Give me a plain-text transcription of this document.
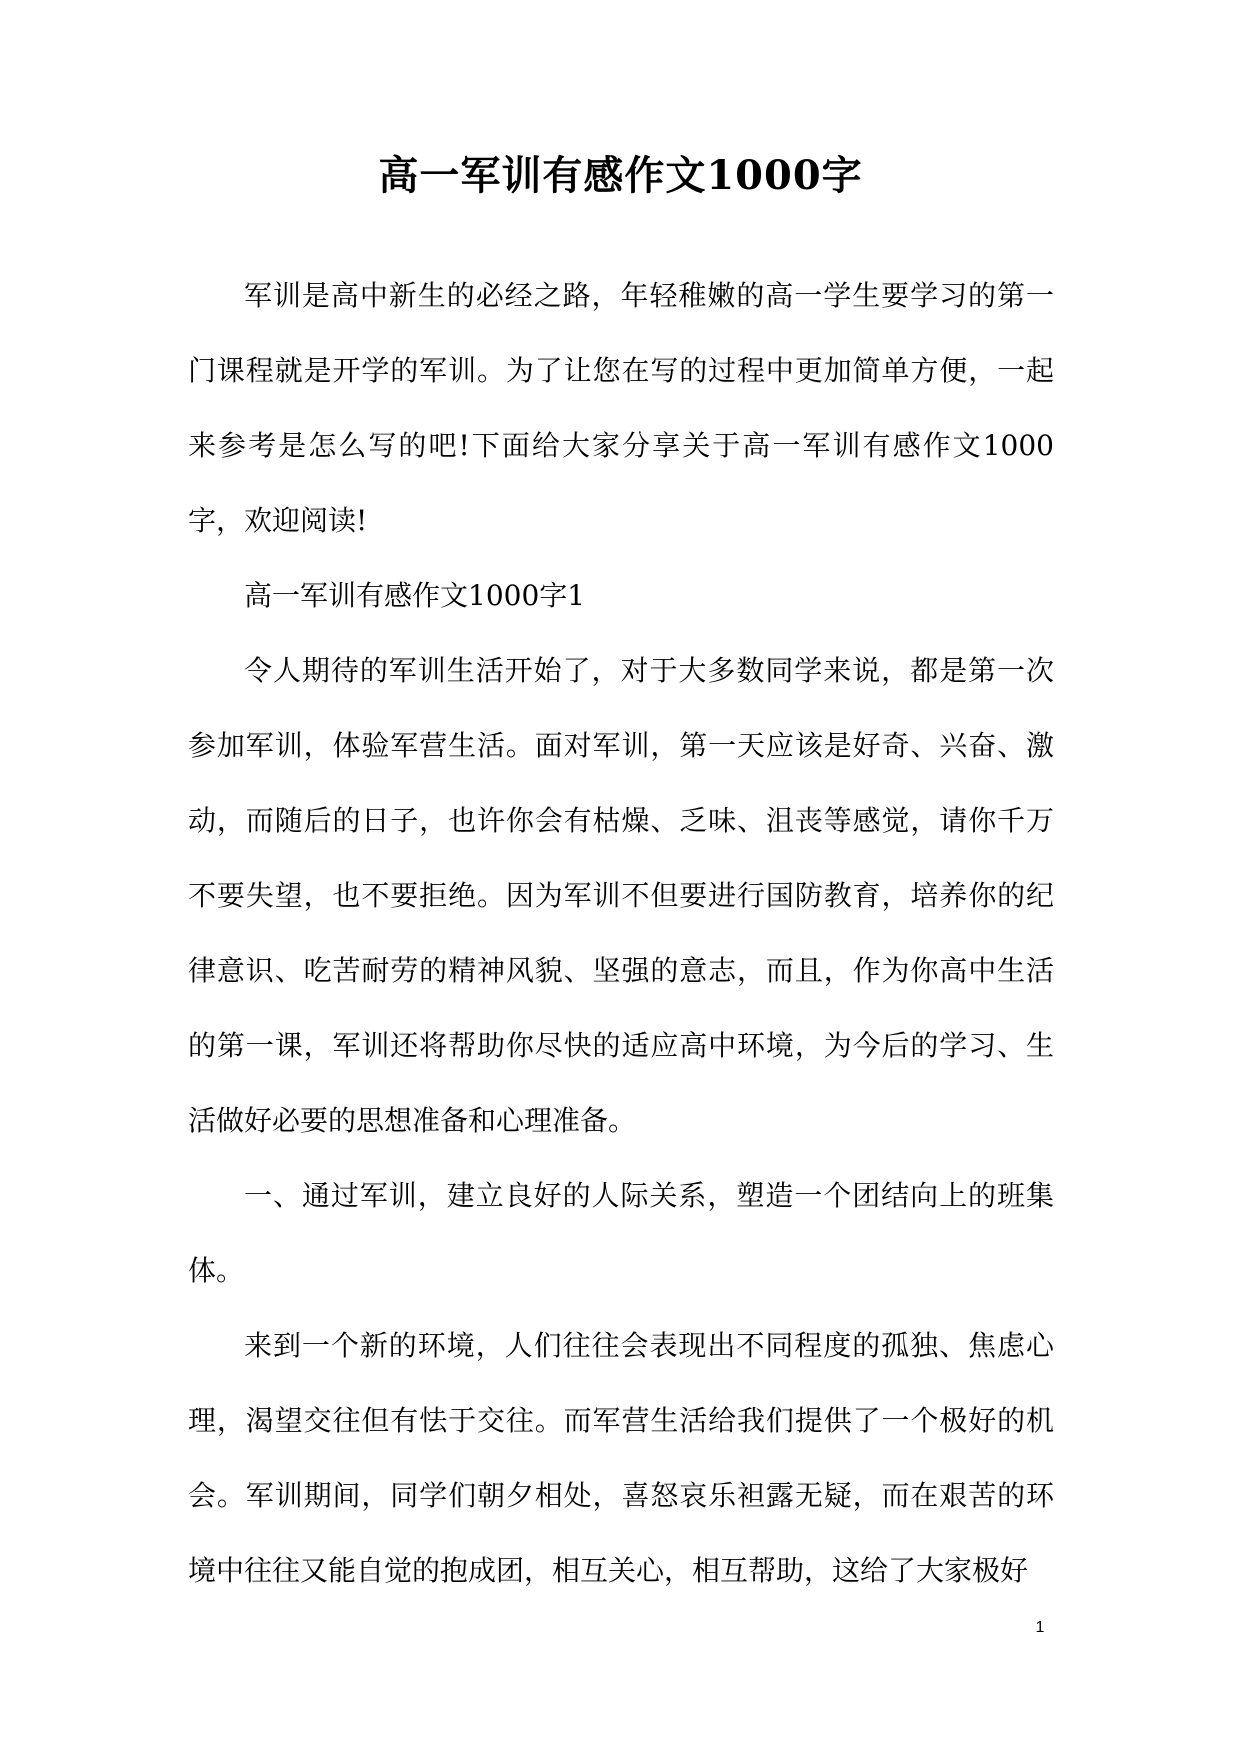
高一军训有感作文1000字

军训是高中新生的必经之路，年轻稚嫩的高一学生要学习的第一门课程就是开学的军训。为了让您在写的过程中更加简单方便，一起来参考是怎么写的吧!下面给大家分享关于高一军训有感作文1000字，欢迎阅读!

高一军训有感作文1000字1

令人期待的军训生活开始了，对于大多数同学来说，都是第一次参加军训，体验军营生活。面对军训，第一天应该是好奇、兴奋、激动，而随后的日子，也许你会有枯燥、乏味、沮丧等感觉，请你千万不要失望，也不要拒绝。因为军训不但要进行国防教育，培养你的纪律意识、吃苦耐劳的精神风貌、坚强的意志，而且，作为你高中生活的第一课，军训还将帮助你尽快的适应高中环境，为今后的学习、生活做好必要的思想准备和心理准备。

一、通过军训，建立良好的人际关系，塑造一个团结向上的班集体。

来到一个新的环境，人们往往会表现出不同程度的孤独、焦虑心理，渴望交往但有怯于交往。而军营生活给我们提供了一个极好的机会。军训期间，同学们朝夕相处，喜怒哀乐袒露无疑，而在艰苦的环境中往往又能自觉的抱成团，相互关心，相互帮助，这给了大家极好

1
